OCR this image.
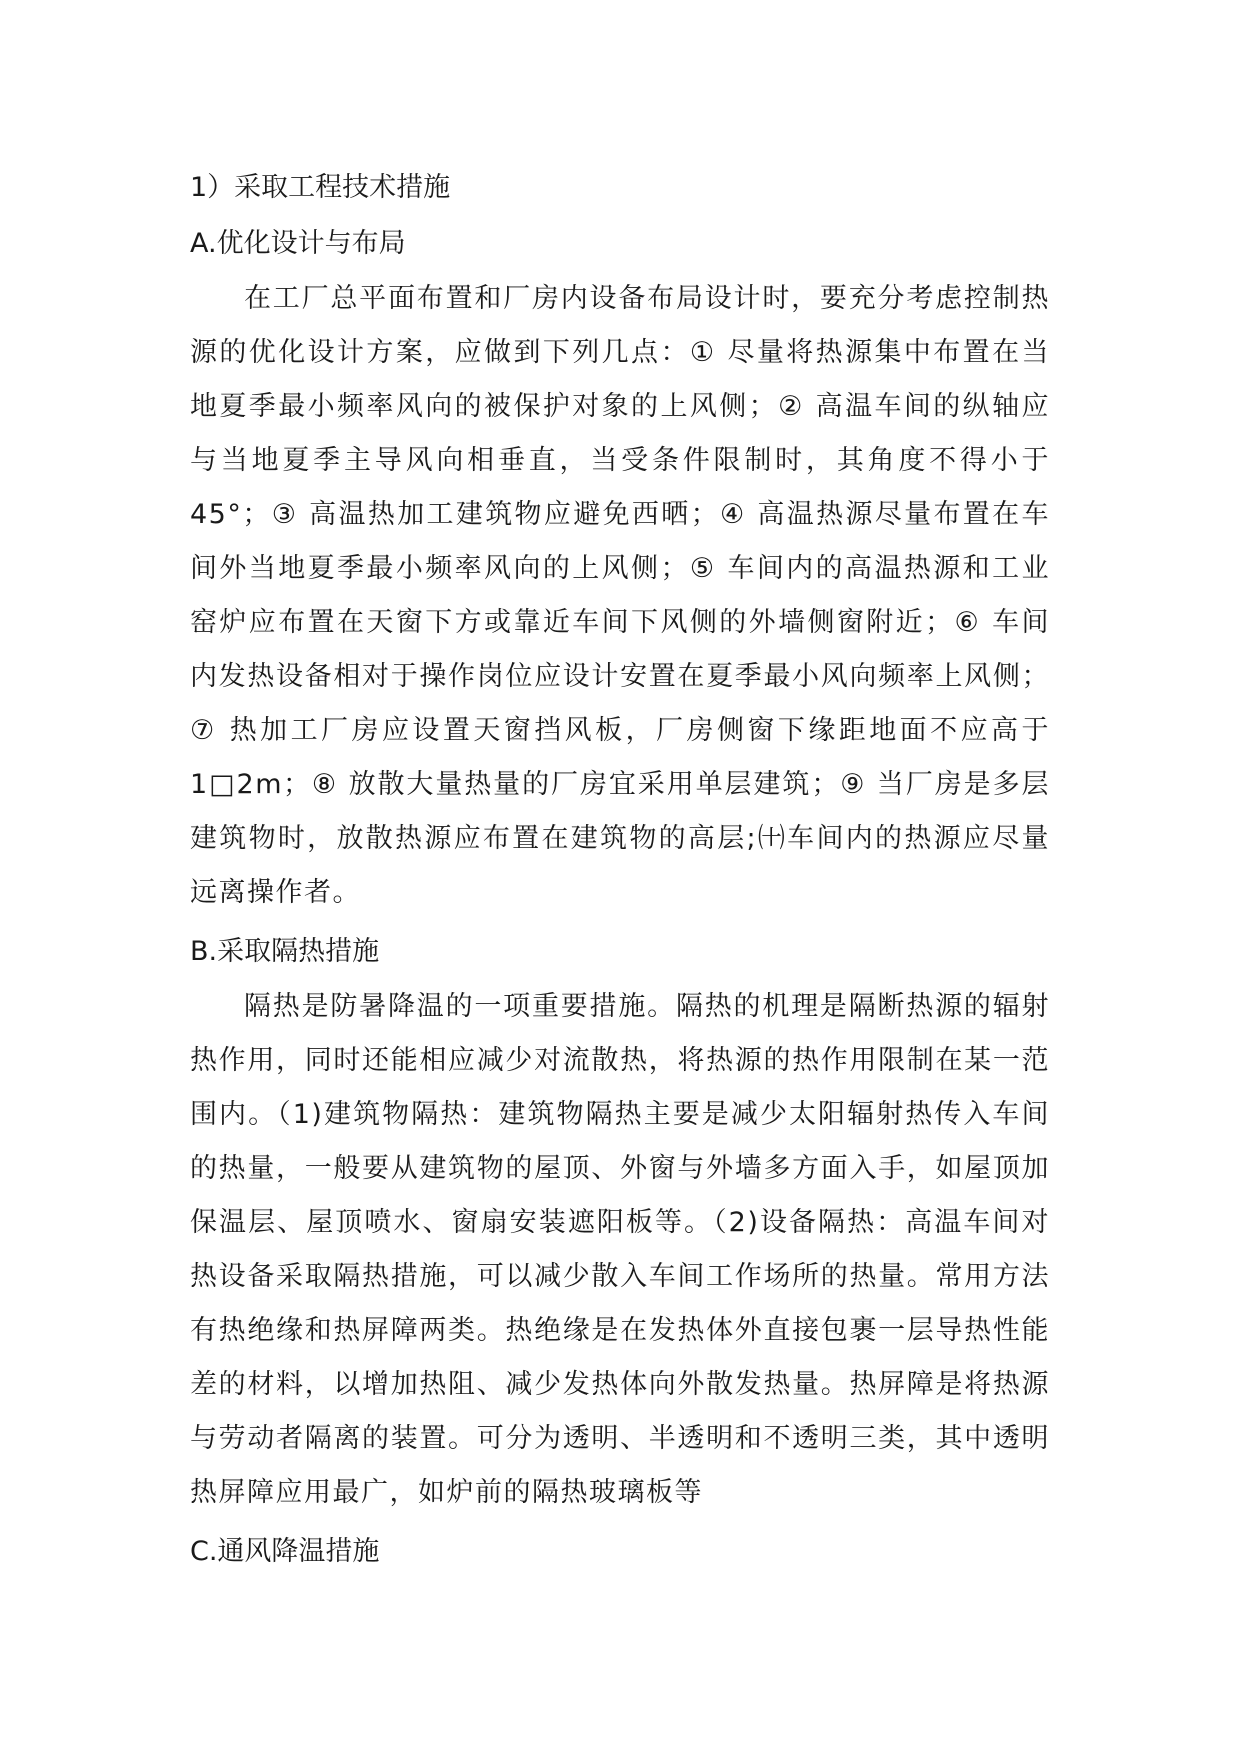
1）采取工程技术措施

A.优化设计与布局

在工厂总平面布置和厂房内设备布局设计时，要充分考虑控制热源的优化设计方案，应做到下列几点：① 尽量将热源集中布置在当地夏季最小频率风向的被保护对象的上风侧；② 高温车间的纵轴应与当地夏季主导风向相垂直，当受条件限制时，其角度不得小于 45°；③ 高温热加工建筑物应避免西晒；④ 高温热源尽量布置在车间外当地夏季最小频率风向的上风侧；⑤ 车间内的高温热源和工业窑炉应布置在天窗下方或靠近车间下风侧的外墙侧窗附近；⑥ 车间内发热设备相对于操作岗位应设计安置在夏季最小风向频率上风侧；⑦ 热加工厂房应设置天窗挡风板，厂房侧窗下缘距地面不应高于 1□2m；⑧ 放散大量热量的厂房宜采用单层建筑；⑨ 当厂房是多层建筑物时，放散热源应布置在建筑物的高层;㈩车间内的热源应尽量远离操作者。

B.采取隔热措施

隔热是防暑降温的一项重要措施。隔热的机理是隔断热源的辐射热作用，同时还能相应减少对流散热，将热源的热作用限制在某一范围内。（1)建筑物隔热：建筑物隔热主要是减少太阳辐射热传入车间的热量，一般要从建筑物的屋顶、外窗与外墙多方面入手，如屋顶加保温层、屋顶喷水、窗扇安装遮阳板等。（2)设备隔热：高温车间对热设备采取隔热措施，可以减少散入车间工作场所的热量。常用方法有热绝缘和热屏障两类。热绝缘是在发热体外直接包裹一层导热性能差的材料，以增加热阻、减少发热体向外散发热量。热屏障是将热源与劳动者隔离的装置。可分为透明、半透明和不透明三类，其中透明热屏障应用最广，如炉前的隔热玻璃板等

C.通风降温措施
